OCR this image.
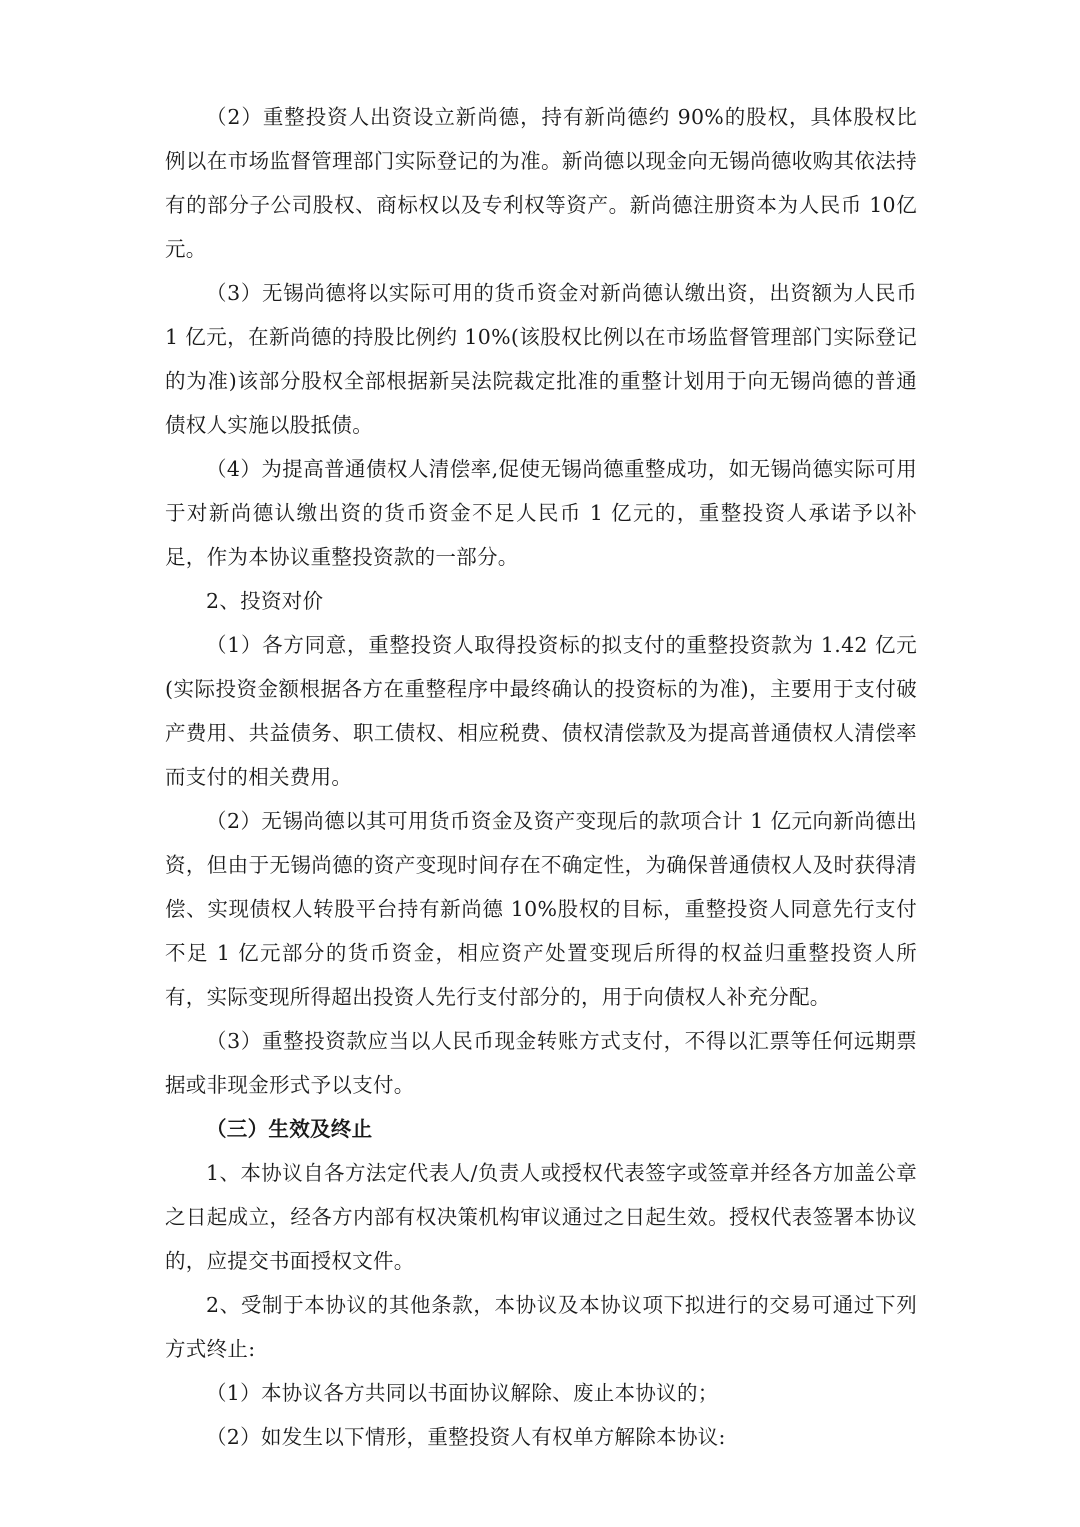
（2）重整投资人出资设立新尚德，持有新尚德约 90%的股权，具体股权比例以在市场监督管理部门实际登记的为准。新尚德以现金向无锡尚德收购其依法持有的部分子公司股权、商标权以及专利权等资产。新尚德注册资本为人民币 10亿元。

（3）无锡尚德将以实际可用的货币资金对新尚德认缴出资，出资额为人民币 1 亿元，在新尚德的持股比例约 10%(该股权比例以在市场监督管理部门实际登记的为准)该部分股权全部根据新吴法院裁定批准的重整计划用于向无锡尚德的普通债权人实施以股抵债。

（4）为提高普通债权人清偿率,促使无锡尚德重整成功，如无锡尚德实际可用于对新尚德认缴出资的货币资金不足人民币 1 亿元的，重整投资人承诺予以补足，作为本协议重整投资款的一部分。

2、投资对价

（1）各方同意，重整投资人取得投资标的拟支付的重整投资款为 1.42 亿元(实际投资金额根据各方在重整程序中最终确认的投资标的为准)，主要用于支付破产费用、共益债务、职工债权、相应税费、债权清偿款及为提高普通债权人清偿率而支付的相关费用。

（2）无锡尚德以其可用货币资金及资产变现后的款项合计 1 亿元向新尚德出资，但由于无锡尚德的资产变现时间存在不确定性，为确保普通债权人及时获得清偿、实现债权人转股平台持有新尚德 10%股权的目标，重整投资人同意先行支付不足 1 亿元部分的货币资金，相应资产处置变现后所得的权益归重整投资人所有，实际变现所得超出投资人先行支付部分的，用于向债权人补充分配。

（3）重整投资款应当以人民币现金转账方式支付，不得以汇票等任何远期票据或非现金形式予以支付。

（三）生效及终止

1、本协议自各方法定代表人/负责人或授权代表签字或签章并经各方加盖公章之日起成立，经各方内部有权决策机构审议通过之日起生效。授权代表签署本协议的，应提交书面授权文件。

2、受制于本协议的其他条款，本协议及本协议项下拟进行的交易可通过下列方式终止:

（1）本协议各方共同以书面协议解除、废止本协议的；

（2）如发生以下情形，重整投资人有权单方解除本协议:
